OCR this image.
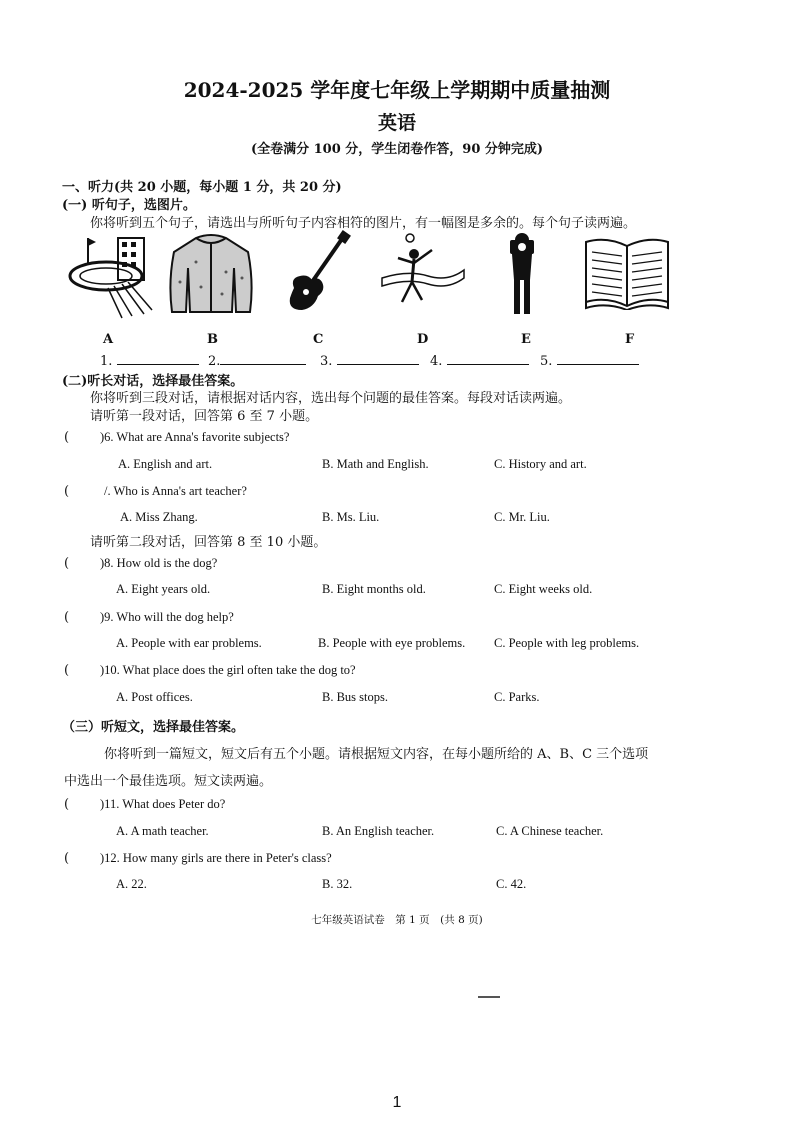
2024-2025 学年度七年级上学期期中质量抽测
英语
(全卷满分 100 分，学生闭卷作答，90 分钟完成)
一、听力(共 20 小题，每小题 1 分，共 20 分)
(一) 听句子，选图片。
你将听到五个句子，请选出与所听句子内容相符的图片，有一幅图是多余的。每个句子读两遍。
A	B	C	D	E	F
1.	2.	3.	4.	5.
(二)听长对话，选择最佳答案。
你将听到三段对话，请根据对话内容，选出每个问题的最佳答案。每段对话读两遍。
请听第一段对话，回答第 6 至 7 小题。
( )6. What are Anna's favorite subjects?
A. English and art.	B. Math and English.	C. History and art.
(	/. Who is Anna's art teacher?
A. Miss Zhang.	B. Ms. Liu.	C. Mr. Liu.
请听第二段对话，回答第 8 至 10 小题。
( )8. How old is the dog?
A. Eight years old.	B. Eight months old.	C. Eight weeks old.
( )9. Who will the dog help?
A. People with ear problems.	B. People with eye problems. C. People with leg problems.
( )10. What place does the girl often take the dog to?
A. Post offices.	B. Bus stops.	C. Parks.
（三）听短文，选择最佳答案。
你将听到一篇短文，短文后有五个小题。请根据短文内容，在每小题所给的 A、B、C 三个选项
中选出一个最佳选项。短文读两遍。
( )11. What does Peter do?
A. A math teacher.	B. An English teacher.	C. A Chinese teacher.
( )12. How many girls are there in Peter's class?
A. 22.	B. 32.	C. 42.
七年级英语试卷　第 1 页　(共 8 页)
1
